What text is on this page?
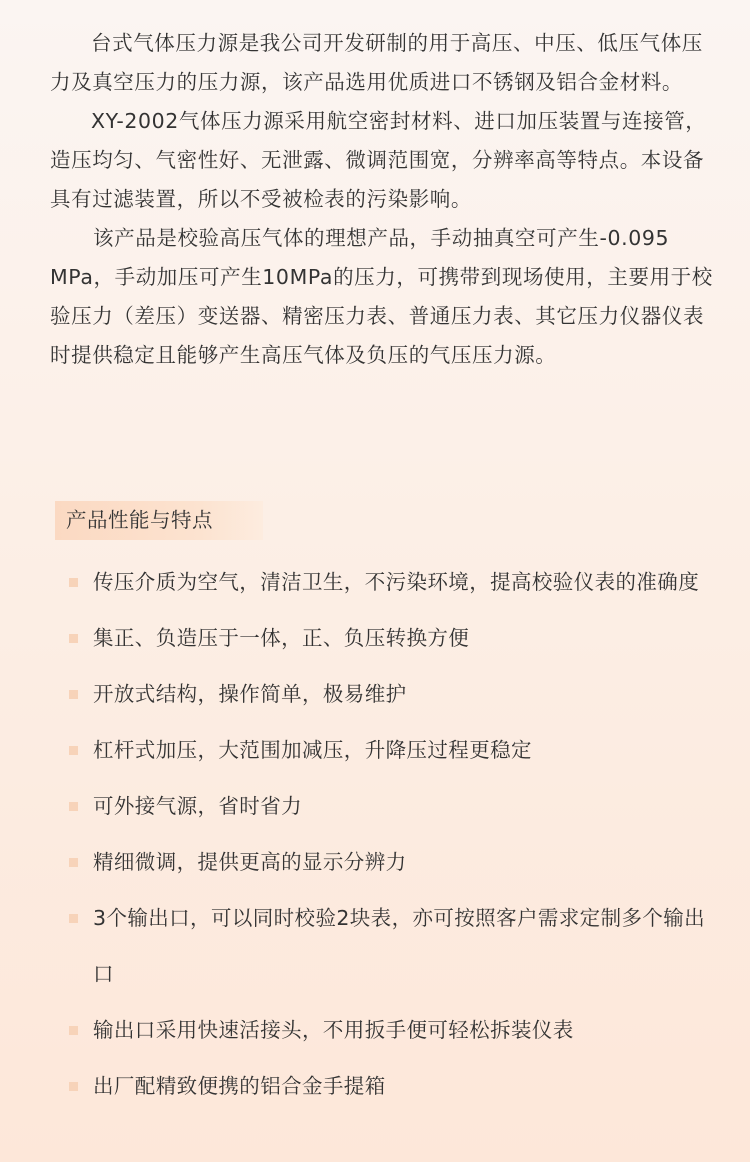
台式气体压力源是我公司开发研制的用于高压、中压、低压气体压力及真空压力的压力源，该产品选用优质进口不锈钢及铝合金材料。

XY-2002气体压力源采用航空密封材料、进口加压装置与连接管，造压均匀、气密性好、无泄露、微调范围宽，分辨率高等特点。本设备具有过滤装置，所以不受被检表的污染影响。

该产品是校验高压气体的理想产品，手动抽真空可产生-0.095 MPa，手动加压可产生10MPa的压力，可携带到现场使用，主要用于校验压力（差压）变送器、精密压力表、普通压力表、其它压力仪器仪表时提供稳定且能够产生高压气体及负压的气压压力源。

产品性能与特点
传压介质为空气，清洁卫生，不污染环境，提高校验仪表的准确度
集正、负造压于一体，正、负压转换方便
开放式结构，操作简单，极易维护
杠杆式加压，大范围加减压，升降压过程更稳定
可外接气源，省时省力
精细微调，提供更高的显示分辨力
3个输出口，可以同时校验2块表，亦可按照客户需求定制多个输出口
输出口采用快速活接头，不用扳手便可轻松拆装仪表
出厂配精致便携的铝合金手提箱
